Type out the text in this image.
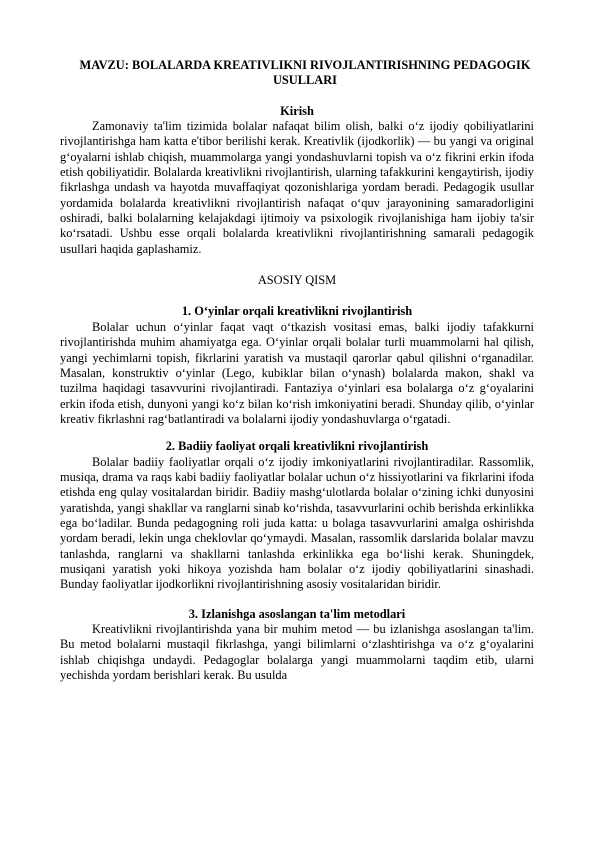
MAVZU: BOLALARDA KREATIVLIKNI RIVOJLANTIRISHNING PEDAGOGIK USULLARI
Kirish

Zamonaviy ta'lim tizimida bolalar nafaqat bilim olish, balki o‘z ijodiy qobiliyatlarini rivojlantirishga ham katta e'tibor berilishi kerak. Kreativlik (ijodkorlik) — bu yangi va original g‘oyalarni ishlab chiqish, muammolarga yangi yondashuvlarni topish va o‘z fikrini erkin ifoda etish qobiliyatidir. Bolalarda kreativlikni rivojlantirish, ularning tafakkurini kengaytirish, ijodiy fikrlashga undash va hayotda muvaffaqiyat qozonishlariga yordam beradi. Pedagogik usullar yordamida bolalarda kreativlikni rivojlantirish nafaqat o‘quv jarayonining samaradorligini oshiradi, balki bolalarning kelajakdagi ijtimoiy va psixologik rivojlanishiga ham ijobiy ta'sir ko‘rsatadi. Ushbu esse orqali bolalarda kreativlikni rivojlantirishning samarali pedagogik usullari haqida gaplashamiz.

ASOSIY QISM
1. O‘yinlar orqali kreativlikni rivojlantirish

Bolalar uchun o‘yinlar faqat vaqt o‘tkazish vositasi emas, balki ijodiy tafakkurni rivojlantirishda muhim ahamiyatga ega. O‘yinlar orqali bolalar turli muammolarni hal qilish, yangi yechimlarni topish, fikrlarini yaratish va mustaqil qarorlar qabul qilishni o‘rganadilar. Masalan, konstruktiv o‘yinlar (Lego, kubiklar bilan o‘ynash) bolalarda makon, shakl va tuzilma haqidagi tasavvurini rivojlantiradi. Fantaziya o‘yinlari esa bolalarga o‘z g‘oyalarini erkin ifoda etish, dunyoni yangi ko‘z bilan ko‘rish imkoniyatini beradi. Shunday qilib, o‘yinlar kreativ fikrlashni rag‘batlantiradi va bolalarni ijodiy yondashuvlarga o‘rgatadi.

2. Badiiy faoliyat orqali kreativlikni rivojlantirish

Bolalar badiiy faoliyatlar orqali o‘z ijodiy imkoniyatlarini rivojlantiradilar. Rassomlik, musiqa, drama va raqs kabi badiiy faoliyatlar bolalar uchun o‘z hissiyotlarini va fikrlarini ifoda etishda eng qulay vositalardan biridir. Badiiy mashg‘ulotlarda bolalar o‘zining ichki dunyosini yaratishda, yangi shakllar va ranglarni sinab ko‘rishda, tasavvurlarini ochib berishda erkinlikka ega bo‘ladilar. Bunda pedagogning roli juda katta: u bolaga tasavvurlarini amalga oshirishda yordam beradi, lekin unga cheklovlar qo‘ymaydi. Masalan, rassomlik darslarida bolalar mavzu tanlashda, ranglarni va shakllarni tanlashda erkinlikka ega bo‘lishi kerak. Shuningdek, musiqani yaratish yoki hikoya yozishda ham bolalar o‘z ijodiy qobiliyatlarini sinashadi. Bunday faoliyatlar ijodkorlikni rivojlantirishning asosiy vositalaridan biridir.

3. Izlanishga asoslangan ta'lim metodlari

Kreativlikni rivojlantirishda yana bir muhim metod — bu izlanishga asoslangan ta'lim. Bu metod bolalarni mustaqil fikrlashga, yangi bilimlarni o‘zlashtirishga va o‘z g‘oyalarini ishlab chiqishga undaydi. Pedagoglar bolalarga yangi muammolarni taqdim etib, ularni yechishda yordam berishlari kerak. Bu usulda
